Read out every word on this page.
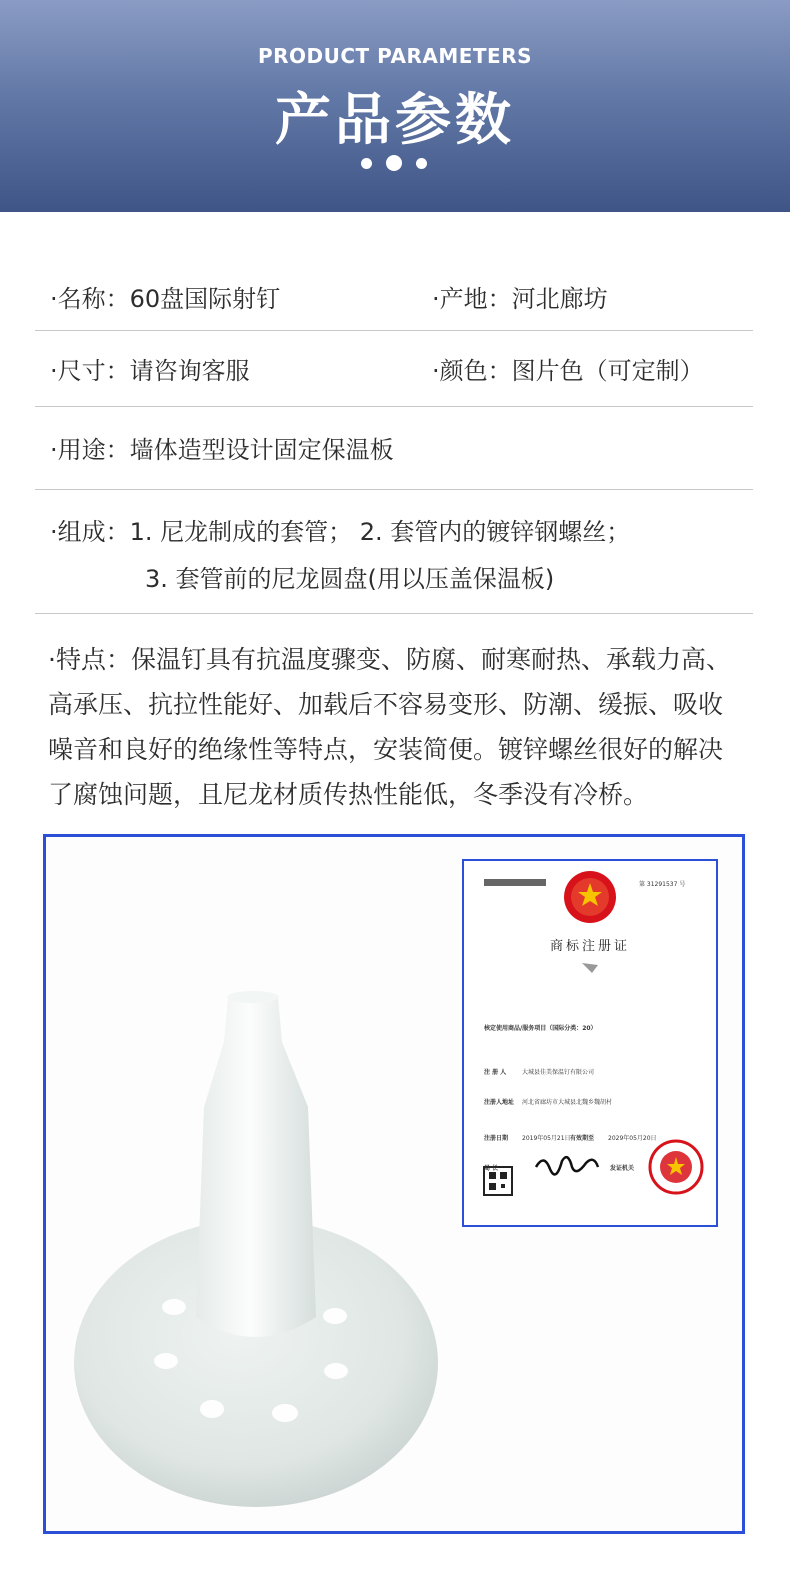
PRODUCT PARAMETERS
产品参数
·名称：60盘国际射钉	·产地：河北廊坊
·尺寸：请咨询客服	·颜色：图片色（可定制）
·用途：墙体造型设计固定保温板
·组成：1. 尼龙制成的套管； 2. 套管内的镀锌钢螺丝；
3. 套管前的尼龙圆盘(用以压盖保温板)
·特点：保温钉具有抗温度骤变、防腐、耐寒耐热、承载力高、
高承压、抗拉性能好、加载后不容易变形、防潮、缓振、吸收
噪音和良好的绝缘性等特点，安装简便。镀锌螺丝很好的解决
了腐蚀问题，且尼龙材质传热性能低，冬季没有冷桥。
第 31291537 号
商标注册证
核定使用商品/服务项目（国际分类：20）
注 册 人	大城县佳美保温钉有限公司
注册人地址 河北省廊坊市大城县北魏乡魏胡村
注册日期 2019年05月21日 有效期至 2029年05月20日
局 长	发证机关
